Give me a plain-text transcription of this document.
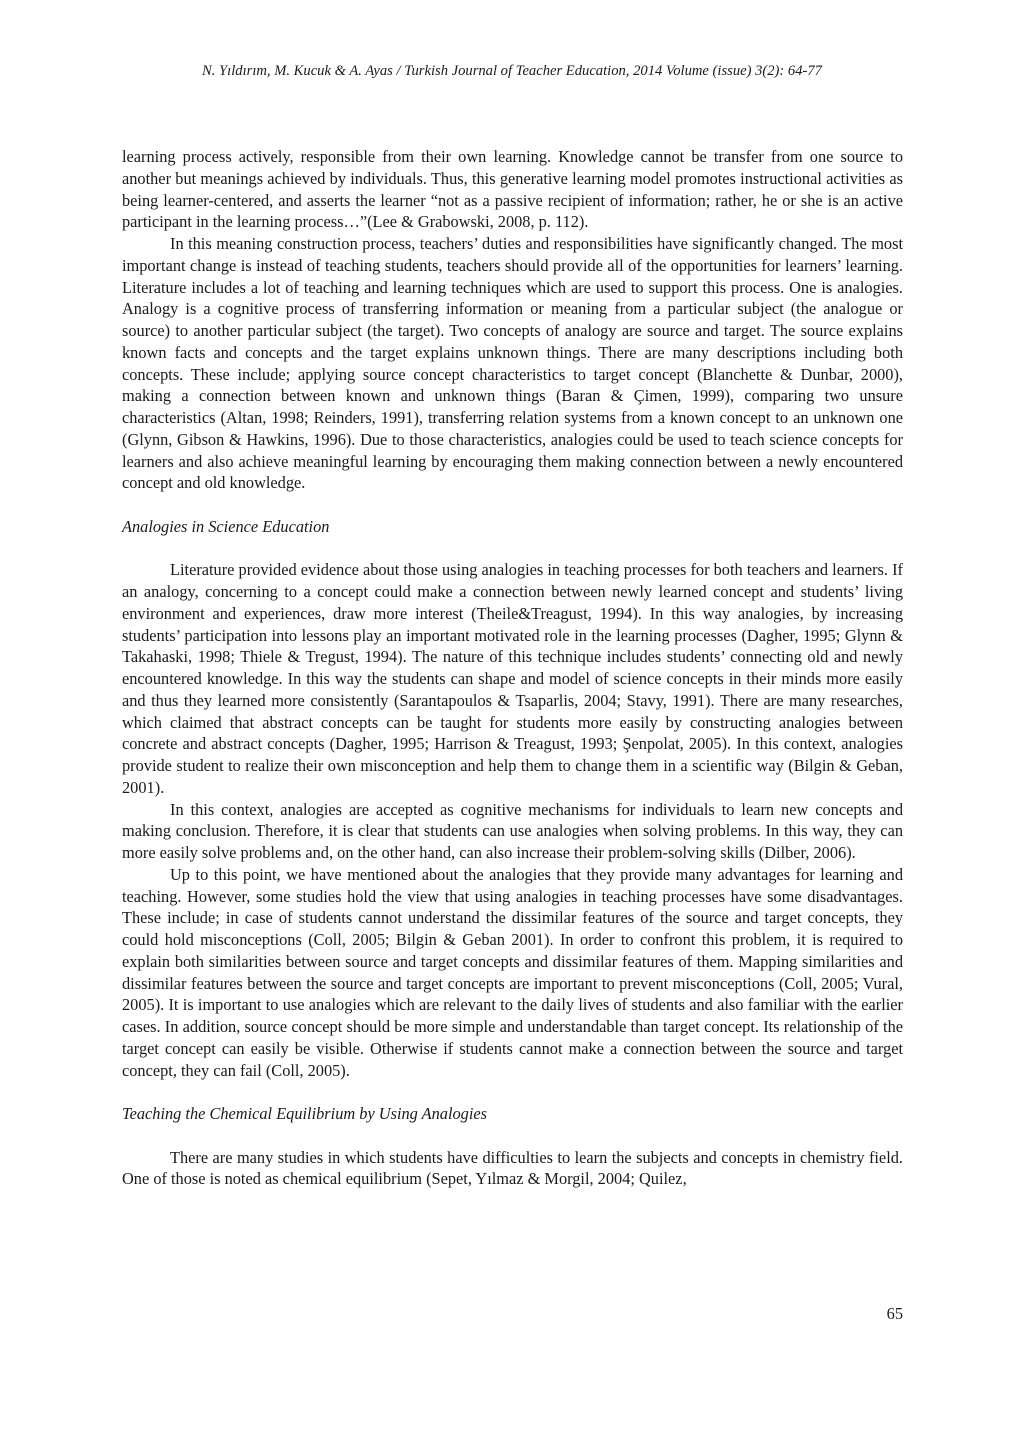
N. Yıldırım, M. Kucuk & A. Ayas / Turkish Journal of Teacher Education, 2014 Volume (issue) 3(2): 64-77

learning process actively, responsible from their own learning. Knowledge cannot be transfer from one source to another but meanings achieved by individuals. Thus, this generative learning model promotes instructional activities as being learner-centered, and asserts the learner “not as a passive recipient of information; rather, he or she is an active participant in the learning process…”(Lee & Grabowski, 2008, p. 112).

In this meaning construction process, teachers’ duties and responsibilities have significantly changed. The most important change is instead of teaching students, teachers should provide all of the opportunities for learners’ learning. Literature includes a lot of teaching and learning techniques which are used to support this process. One is analogies. Analogy is a cognitive process of transferring information or meaning from a particular subject (the analogue or source) to another particular subject (the target). Two concepts of analogy are source and target. The source explains known facts and concepts and the target explains unknown things. There are many descriptions including both concepts. These include; applying source concept characteristics to target concept (Blanchette & Dunbar, 2000), making a connection between known and unknown things (Baran & Çimen, 1999), comparing two unsure characteristics (Altan, 1998; Reinders, 1991), transferring relation systems from a known concept to an unknown one (Glynn, Gibson & Hawkins, 1996). Due to those characteristics, analogies could be used to teach science concepts for learners and also achieve meaningful learning by encouraging them making connection between a newly encountered concept and old knowledge.

Analogies in Science Education

Literature provided evidence about those using analogies in teaching processes for both teachers and learners. If an analogy, concerning to a concept could make a connection between newly learned concept and students’ living environment and experiences, draw more interest (Theile&Treagust, 1994). In this way analogies, by increasing students’ participation into lessons play an important motivated role in the learning processes (Dagher, 1995; Glynn & Takahaski, 1998; Thiele & Tregust, 1994). The nature of this technique includes students’ connecting old and newly encountered knowledge. In this way the students can shape and model of science concepts in their minds more easily and thus they learned more consistently (Sarantapoulos & Tsaparlis, 2004; Stavy, 1991). There are many researches, which claimed that abstract concepts can be taught for students more easily by constructing analogies between concrete and abstract concepts (Dagher, 1995; Harrison & Treagust, 1993; Şenpolat, 2005). In this context, analogies provide student to realize their own misconception and help them to change them in a scientific way (Bilgin & Geban, 2001).

In this context, analogies are accepted as cognitive mechanisms for individuals to learn new concepts and making conclusion. Therefore, it is clear that students can use analogies when solving problems. In this way, they can more easily solve problems and, on the other hand, can also increase their problem-solving skills (Dilber, 2006).

Up to this point, we have mentioned about the analogies that they provide many advantages for learning and teaching. However, some studies hold the view that using analogies in teaching processes have some disadvantages. These include; in case of students cannot understand the dissimilar features of the source and target concepts, they could hold misconceptions (Coll, 2005; Bilgin & Geban 2001). In order to confront this problem, it is required to explain both similarities between source and target concepts and dissimilar features of them. Mapping similarities and dissimilar features between the source and target concepts are important to prevent misconceptions (Coll, 2005; Vural, 2005). It is important to use analogies which are relevant to the daily lives of students and also familiar with the earlier cases. In addition, source concept should be more simple and understandable than target concept. Its relationship of the target concept can easily be visible. Otherwise if students cannot make a connection between the source and target concept, they can fail (Coll, 2005).

Teaching the Chemical Equilibrium by Using Analogies

There are many studies in which students have difficulties to learn the subjects and concepts in chemistry field. One of those is noted as chemical equilibrium (Sepet, Yılmaz & Morgil, 2004; Quilez,

65
